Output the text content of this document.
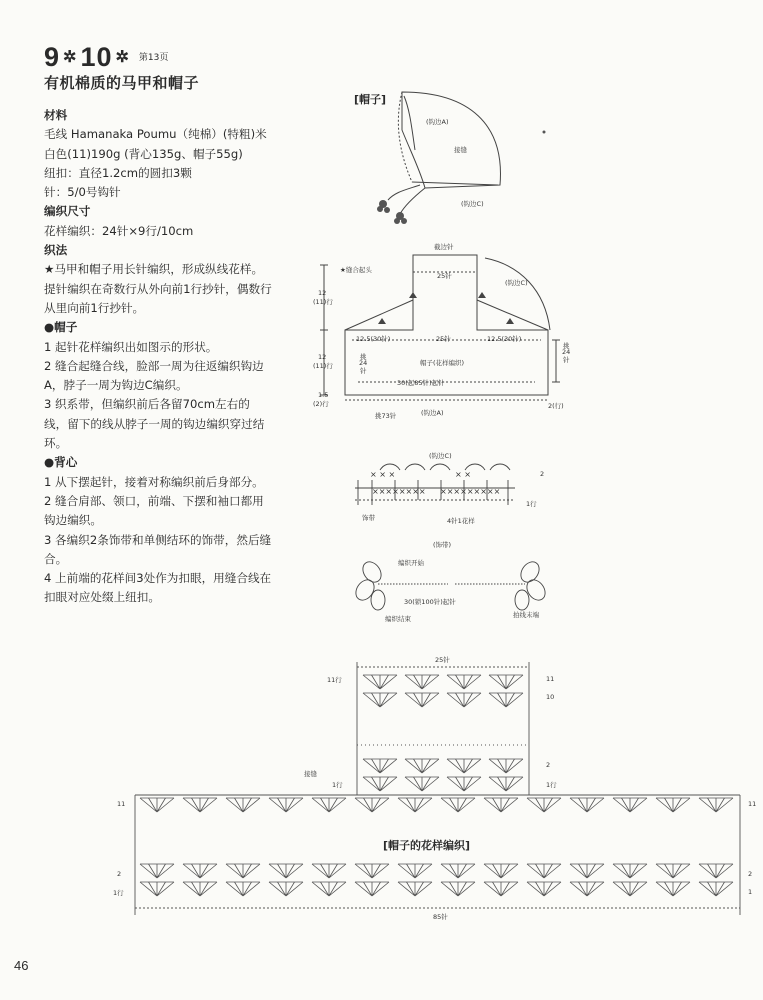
9 ✲ 10 ✲ $^{第13页}$
有机棉质的马甲和帽子

材料

毛线 Hamanaka Poumu（纯棉）(特粗)米白色(11)190g (背心135g、帽子55g)

纽扣：直径1.2cm的圆扣3颗

针：5/0号钩针

编织尺寸

花样编织：24针×9行/10cm

织法

★马甲和帽子用长针编织，形成纵线花样。提针编织在奇数行从外向前1行抄针，偶数行从里向前1行抄针。

●帽子

1 起针花样编织出如图示的形状。

2 缝合起缝合线，脸部一周为往返编织钩边A，脖子一周为钩边C编织。

3 织系带，但编织前后各留70cm左右的线，留下的线从脖子一周的钩边编织穿过结环。

●背心

1 从下摆起针，接着对称编织前后身部分。

2 缝合肩部、领口，前端、下摆和袖口都用钩边编织。

3 各编织2条饰带和单侧结环的饰带，然后缝合。

4 上前端的花样间3处作为扣眼，用缝合线在扣眼对应处缀上纽扣。

[帽子]
(钩边A)
接缝
(钩边C)
★缝合起头
截边针
25针
(钩边C)
12
(11)行
12
(11)行
1.5
(2)行
12.5(30针)	25针	12.5(30针)
帽子(花样编织)
挑
24
针
挑
24
针
30(起85针)起针
挑73针	(钩边A)
2(行)
× × ×
××××××××
× ×
×××××××××
(钩边C)
2
1行
饰带	4针1花样
(饰带)
编织开始
30(锁100针)起针
编织结束	拍线末端
25针
85针
11行	11
10
2
1行
接缝
1行
11	11
2	2
1行	1
[帽子的花样编织]
46
